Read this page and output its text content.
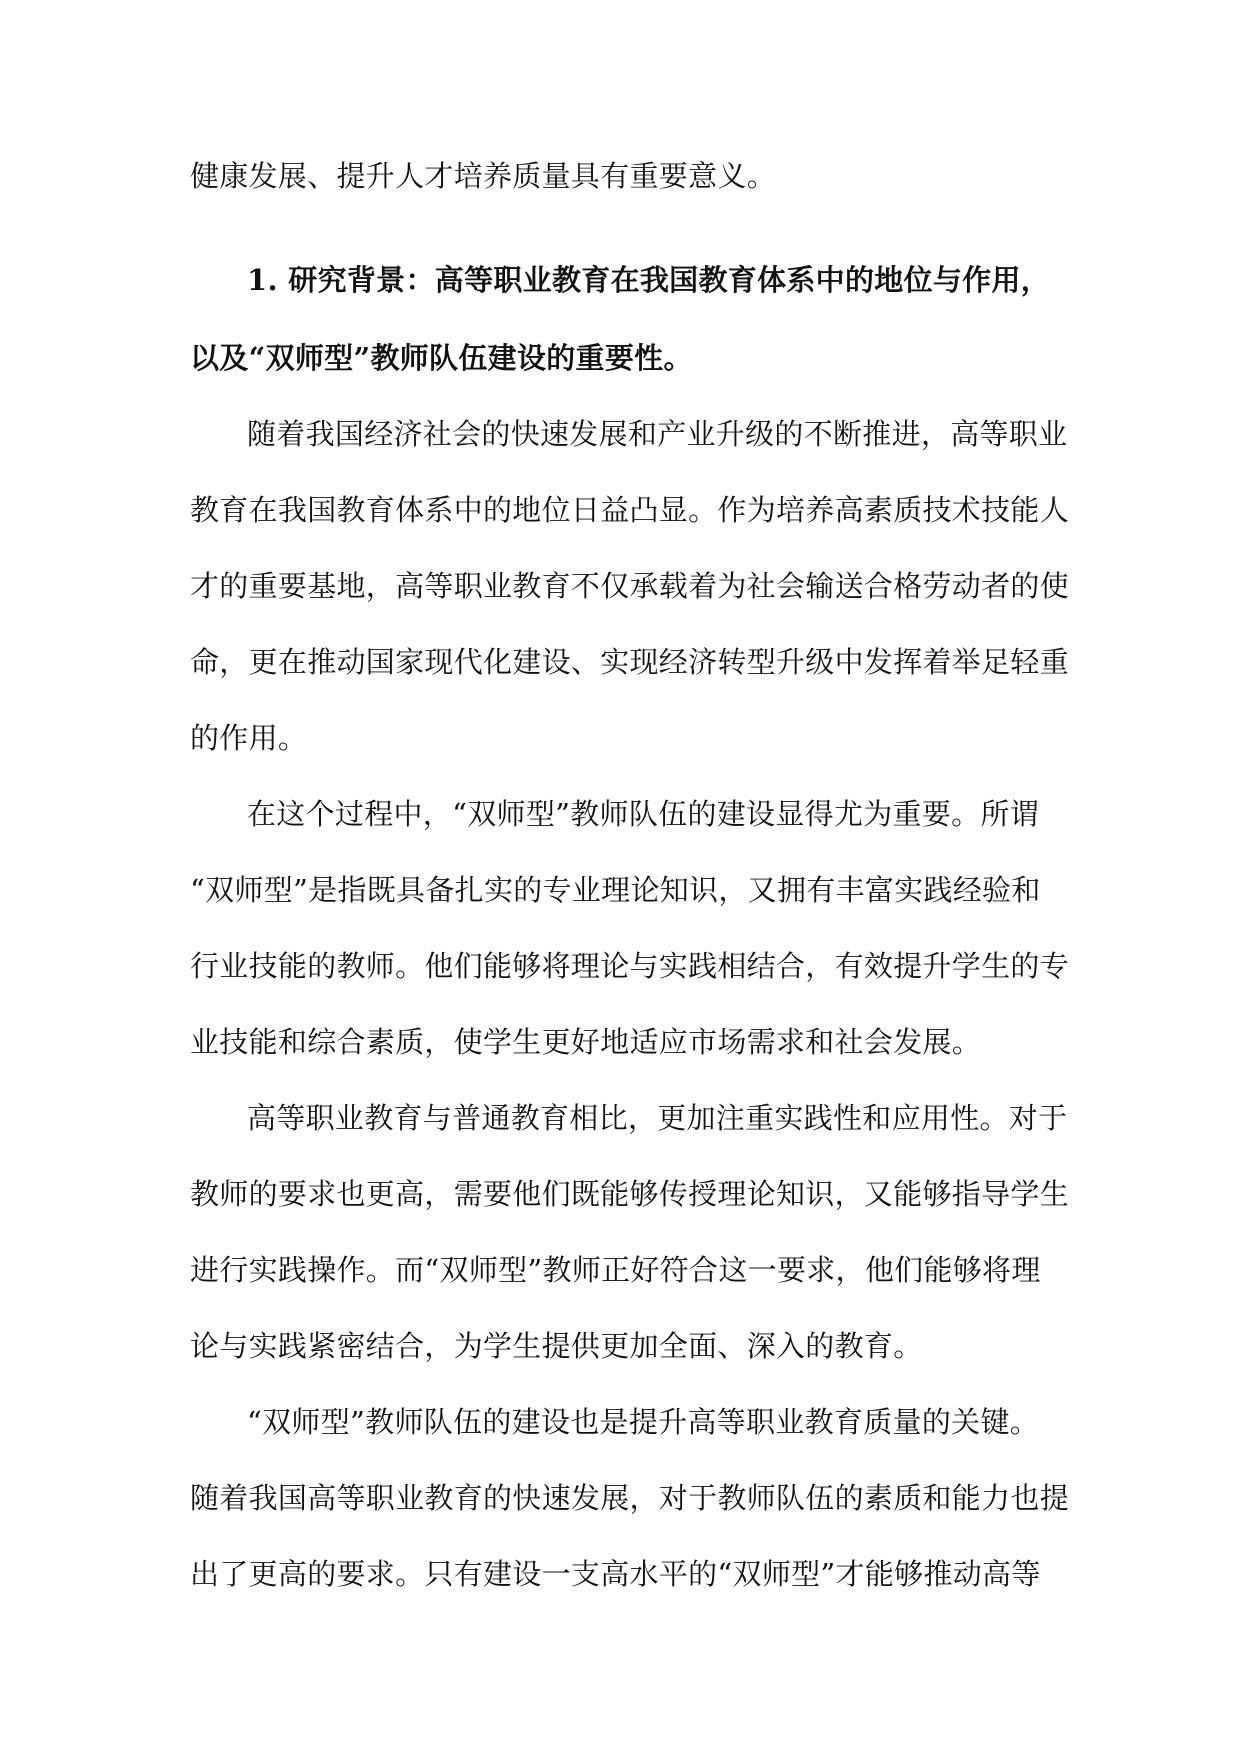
健康发展、提升人才培养质量具有重要意义。
1. 研究背景：高等职业教育在我国教育体系中的地位与作用，
以及“双师型”教师队伍建设的重要性。
随着我国经济社会的快速发展和产业升级的不断推进，高等职业
教育在我国教育体系中的地位日益凸显。作为培养高素质技术技能人
才的重要基地，高等职业教育不仅承载着为社会输送合格劳动者的使
命，更在推动国家现代化建设、实现经济转型升级中发挥着举足轻重
的作用。
在这个过程中，“双师型”教师队伍的建设显得尤为重要。所谓
“双师型”是指既具备扎实的专业理论知识，又拥有丰富实践经验和
行业技能的教师。他们能够将理论与实践相结合，有效提升学生的专
业技能和综合素质，使学生更好地适应市场需求和社会发展。
高等职业教育与普通教育相比，更加注重实践性和应用性。对于
教师的要求也更高，需要他们既能够传授理论知识，又能够指导学生
进行实践操作。而“双师型”教师正好符合这一要求，他们能够将理
论与实践紧密结合，为学生提供更加全面、深入的教育。
“双师型”教师队伍的建设也是提升高等职业教育质量的关键。
随着我国高等职业教育的快速发展，对于教师队伍的素质和能力也提
出了更高的要求。只有建设一支高水平的“双师型”才能够推动高等
